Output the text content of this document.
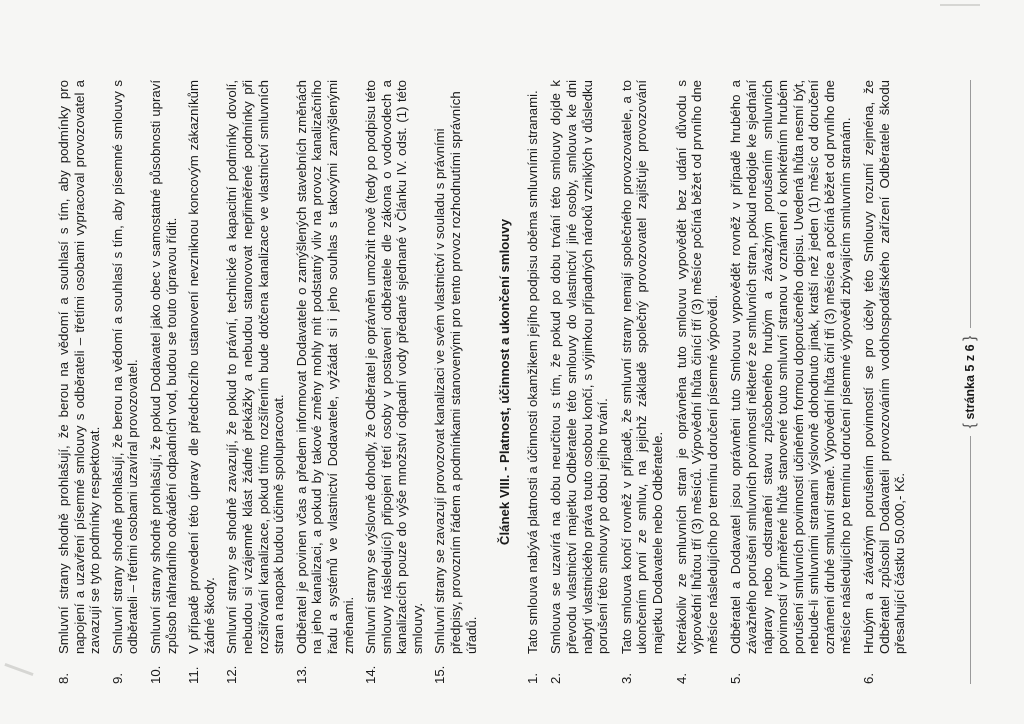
8.
Smluvní strany shodně prohlašují, že berou na vědomí a souhlasí s tím, aby podmínky pro napojení a uzavření písemné smlouvy s odběrateli – třetími osobami vypracoval provozovatel a zavazují se tyto podmínky respektovat.
9.
Smluvní strany shodně prohlašují, že berou na vědomí a souhlasí s tím, aby písemné smlouvy s odběrateli – třetími osobami uzavíral provozovatel.
10.
Smluvní strany shodně prohlašují, že pokud Dodavatel jako obec v samostatné působnosti upraví způsob náhradního odvádění odpadních vod, budou se touto úpravou řídit.
11.
V případě provedení této úpravy dle předchozího ustanovení nevzniknou koncovým zákazníkům žádné škody.
12.
Smluvní strany se shodně zavazují, že pokud to právní, technické a kapacitní podmínky dovolí, nebudou si vzájemně klást žádné překážky a nebudou stanovovat nepřiměřené podmínky při rozšiřování kanalizace, pokud tímto rozšířením bude dotčena kanalizace ve vlastnictví smluvních stran a naopak budou účinně spolupracovat.
13.
Odběratel je povinen včas a předem informovat Dodavatele o zamýšlených stavebních změnách na jeho kanalizaci, a pokud by takové změny mohly mít podstatný vliv na provoz kanalizačního řadu a systémů ve vlastnictví Dodavatele, vyžádat si i jeho souhlas s takovými zamýšlenými změnami.
14.
Smluvní strany se výslovně dohodly, že Odběratel je oprávněn umožnit nově (tedy po podpisu této smlouvy následující) připojení třetí osoby v postavení odběratele dle zákona o vodovodech a kanalizacích pouze do výše množství odpadní vody předané sjednané v Článku IV. odst. (1) této smlouvy.
15.
Smluvní strany se zavazují provozovat kanalizaci ve svém vlastnictví v souladu s právními předpisy, provozním řádem a podmínkami stanovenými pro tento provoz rozhodnutími správních úřadů.
Článek VIII. - Platnost, účinnost a ukončení smlouvy
1.
Tato smlouva nabývá platnosti a účinnosti okamžikem jejího podpisu oběma smluvními stranami.
2.
Smlouva se uzavírá na dobu neurčitou s tím, že pokud po dobu trvání této smlouvy dojde k převodu vlastnictví majetku Odběratele této smlouvy do vlastnictví jiné osoby, smlouva ke dni nabytí vlastnického práva touto osobou končí, s výjimkou případných nároků vzniklých v důsledku porušení této smlouvy po dobu jejího trvání.
3.
Tato smlouva končí rovněž v případě, že smluvní strany nemají společného provozovatele, a to ukončením první ze smluv, na jejichž základě společný provozovatel zajišťuje provozování majetku Dodavatele nebo Odběratele.
4.
Kterákoliv ze smluvních stran je oprávněna tuto smlouvu vypovědět bez udání důvodu s výpovědní lhůtou tří (3) měsíců. Výpovědní lhůta činící tří (3) měsíce počíná běžet od prvního dne měsíce následujícího po termínu doručení písemné výpovědi.
5.
Odběratel a Dodavatel jsou oprávněni tuto Smlouvu vypovědět rovněž v případě hrubého a závažného porušení smluvních povinností některé ze smluvních stran, pokud nedojde ke sjednání nápravy nebo odstranění stavu způsobeného hrubým a závažným porušením smluvních povinností v přiměřené lhůtě stanovené touto smluvní stranou v oznámení o konkrétním hrubém porušení smluvních povinností učiněném formou doporučeného dopisu. Uvedená lhůta nesmí být, nebude-li smluvními stranami výslovně dohodnuto jinak, kratší než jeden (1) měsíc od doručení oznámení druhé smluvní straně. Výpovědní lhůta činí tři (3) měsíce a počíná běžet od prvního dne měsíce následujícího po termínu doručení písemné výpovědi zbývajícím smluvním stranám.
6.
Hrubým a závažným porušením povinností se pro účely této Smlouvy rozumí zejména, že Odběratel způsobil Dodavateli provozováním vodohospodářského zařízení Odběratele škodu přesahující částku 50.000,- Kč.
{ stránka 5 z 6 }
